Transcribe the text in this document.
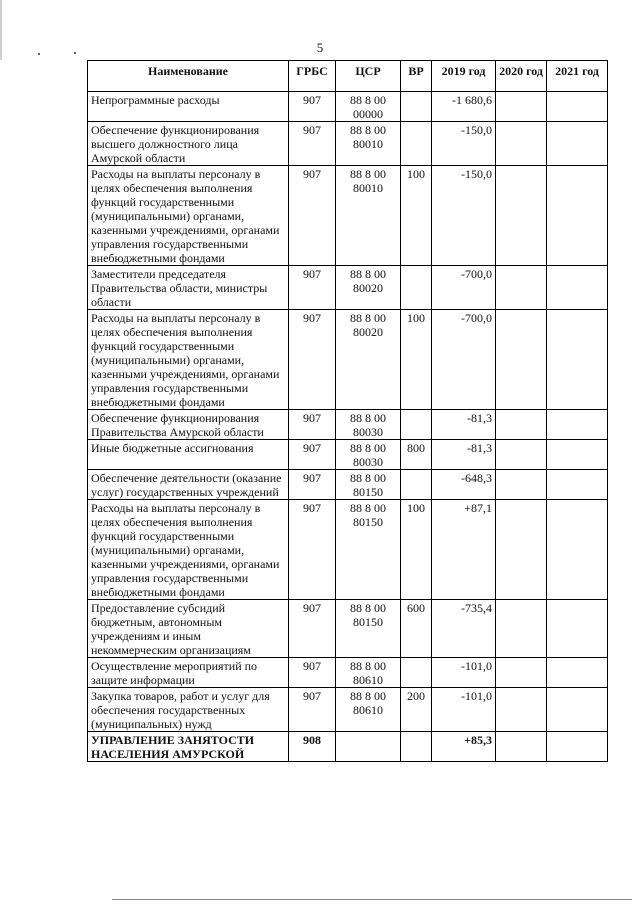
5
Наименование	ГРБС	ЦСР	ВР	2019 год	2020 год	2021 год
Непрограммные расходы	907	88 8 00 00000		-1 680,6		
Обеспечение функционирования высшего должностного лица Амурской области	907	88 8 00 80010		-150,0		
Расходы на выплаты персоналу в целях обеспечения выполнения функций государственными (муниципальными) органами, казенными учреждениями, органами управления государственными внебюджетными фондами	907	88 8 00 80010	100	-150,0		
Заместители председателя Правительства области, министры области	907	88 8 00 80020		-700,0		
Расходы на выплаты персоналу в целях обеспечения выполнения функций государственными (муниципальными) органами, казенными учреждениями, органами управления государственными внебюджетными фондами	907	88 8 00 80020	100	-700,0		
Обеспечение функционирования Правительства Амурской области	907	88 8 00 80030		-81,3		
Иные бюджетные ассигнования	907	88 8 00 80030	800	-81,3		
Обеспечение деятельности (оказание услуг) государственных учреждений	907	88 8 00 80150		-648,3		
Расходы на выплаты персоналу в целях обеспечения выполнения функций государственными (муниципальными) органами, казенными учреждениями, органами управления государственными внебюджетными фондами	907	88 8 00 80150	100	+87,1		
Предоставление субсидий бюджетным, автономным учреждениям и иным некоммерческим организациям	907	88 8 00 80150	600	-735,4		
Осуществление мероприятий по защите информации	907	88 8 00 80610		-101,0		
Закупка товаров, работ и услуг для обеспечения государственных (муниципальных) нужд	907	88 8 00 80610	200	-101,0		
УПРАВЛЕНИЕ ЗАНЯТОСТИ НАСЕЛЕНИЯ АМУРСКОЙ	908			+85,3		
